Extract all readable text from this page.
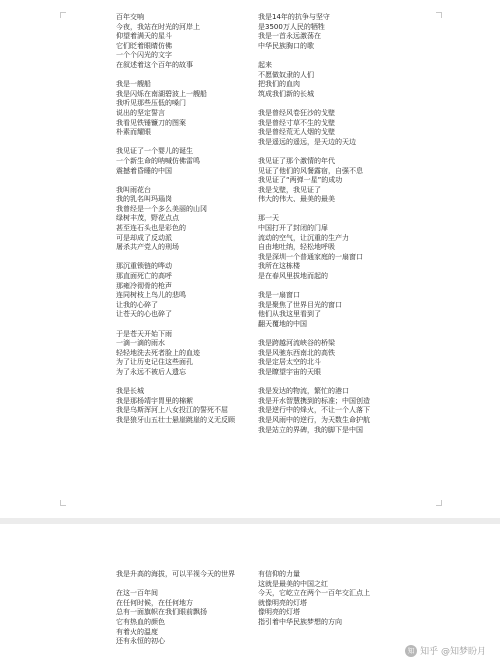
百年交响
今夜，我站在时光的河岸上
仰望着满天的星斗
它们眨着眼睛仿佛
一个个闪光的文字
在叙述着这个百年的故事
我是一艘船
我是闪烁在南湖碧波上一艘船
我听见那些压低的嗓门
说出的坚定誓言
我看见铁锤镰刀的图案
朴素而耀眼
我见证了一个婴儿的诞生
一个新生命的呐喊仿佛雷鸣
震撼着昏睡的中国
我叫雨花台
我的乳名叫玛瑙岗
我曾经是一个多么美丽的山冈
绿树丰茂，野花点点
甚至连石头也是彩色的
可是却成了反动派
屠杀共产党人的刑场
那沉重锁链的哗动
那直面死亡的高呼
那雍冷彻骨的枪声
连同树枝上鸟儿的悲鸣
让我的心碎了
让苍天的心也碎了
于是苍天开始下雨
一滴一滴的雨水
轻轻地洗去死者脸上的血迹
为了让历史记住这些面孔
为了永远不被后人遗忘
我是长城
我是那杨靖宇胃里的棉絮
我是乌斯浑河上八女投江的誓死不屈
我是狼牙山五壮士悬崖跳崖的义无反顾
我是14年的抗争与坚守
是3500万人民的牺牲
我是一首永远激荡在
中华民族胸口的歌
起来
不愿做奴隶的人们
把我们的血肉
筑成我们新的长城
我是曾经风卷狂沙的戈壁
我是曾经寸草不生的戈壁
我是曾经荒无人烟的戈壁
我是遥远的遥远，是天边的天边
我见证了那个激情的年代
见证了他们的风餐露宿，自强不息
我见证了“两弹一星”的成功
我是戈壁，我见证了
伟大的伟大、最美的最美
那一天
中国打开了封闭的门扉
流动的空气，让沉重的生产力
自由地吐纳，轻松地呼吸
我是深圳一个普通家庭的一扇窗口
我所在这栋楼
是在春风里拔地而起的
我是一扇窗口
我是聚焦了世界目光的窗口
他们从我这里看到了
翻天覆地的中国
我是跨越河流峡谷的桥梁
我是风驰东西南北的高铁
我是定居太空的北斗
我是瞭望宇宙的天眼
我是发达的物流，繁忙的港口
我是开水智慧携到的标准；中国创造
我是逆行中的烽火，不让一个人落下
我是风雨中的逆行，为天数生命护航
我是站立的界碑，我的脚下是中国
我是升高的海拔，可以平视今天的世界
在这一百年间
在任何时候，在任何地方
总有一面旗帜在我们眼前飘扬
它有热血的颜色
有着火的温度
还有永恒的初心
有信仰的力量
这就是最美的中国之红
今天，它屹立在两个一百年交汇点上
就像明亮的灯塔
像明亮的灯塔
指引着中华民族梦想的方向
知 知乎 @知梦盼月
